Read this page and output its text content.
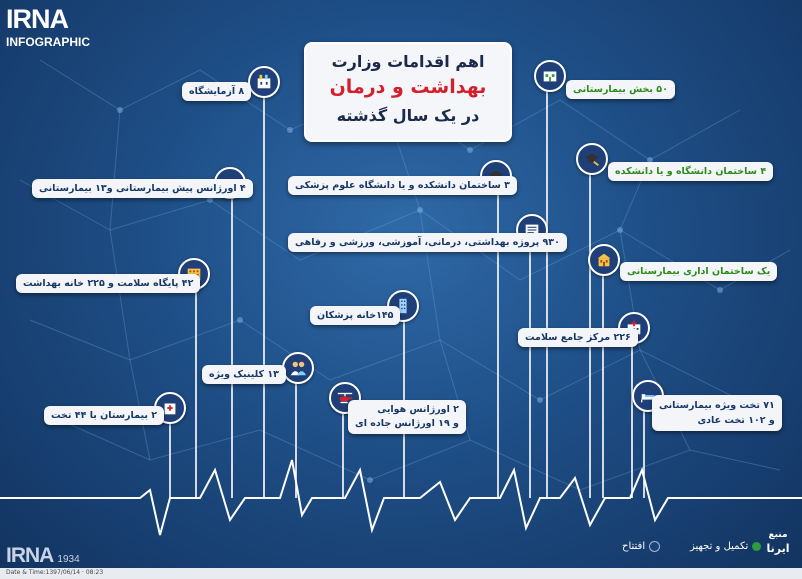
IRNA
INFOGRAPHIC
اهم اقدامات وزارت
بهداشت و درمان
در یک سال گذشته
۸ آزمایشگاه
۴ اورژانس پیش بیمارستانی و۱۳ بیمارستانی
۴۲ پایگاه سلامت و ۲۲۵ خانه بهداشت
۱۳ کلینیک ویژه
۲ بیمارستان با ۴۴ تخت
۳ ساختمان دانشکده و یا دانشگاه علوم پزشکی
۹۳۰ پروژه بهداشتی، درمانی، آموزشی، ورزشی و رفاهی
۱۴۵خانه پزشکان
۲ اورژانس هوایی
و ۱۹ اورژانس جاده ای
۵۰ بخش بیمارستانی
۴ ساختمان دانشگاه و یا دانشکده
یک ساختمان اداری بیمارستانی
۲۲۶ مرکز جامع سلامت
۷۱ تخت ویژه بیمارستانی
و ۱۰۲ تخت عادی
تکمیل و تجهیز
افتتاح
منبع
ایرنا
IRNA 1934
Date & Time:1397/06/14 · 08:23
